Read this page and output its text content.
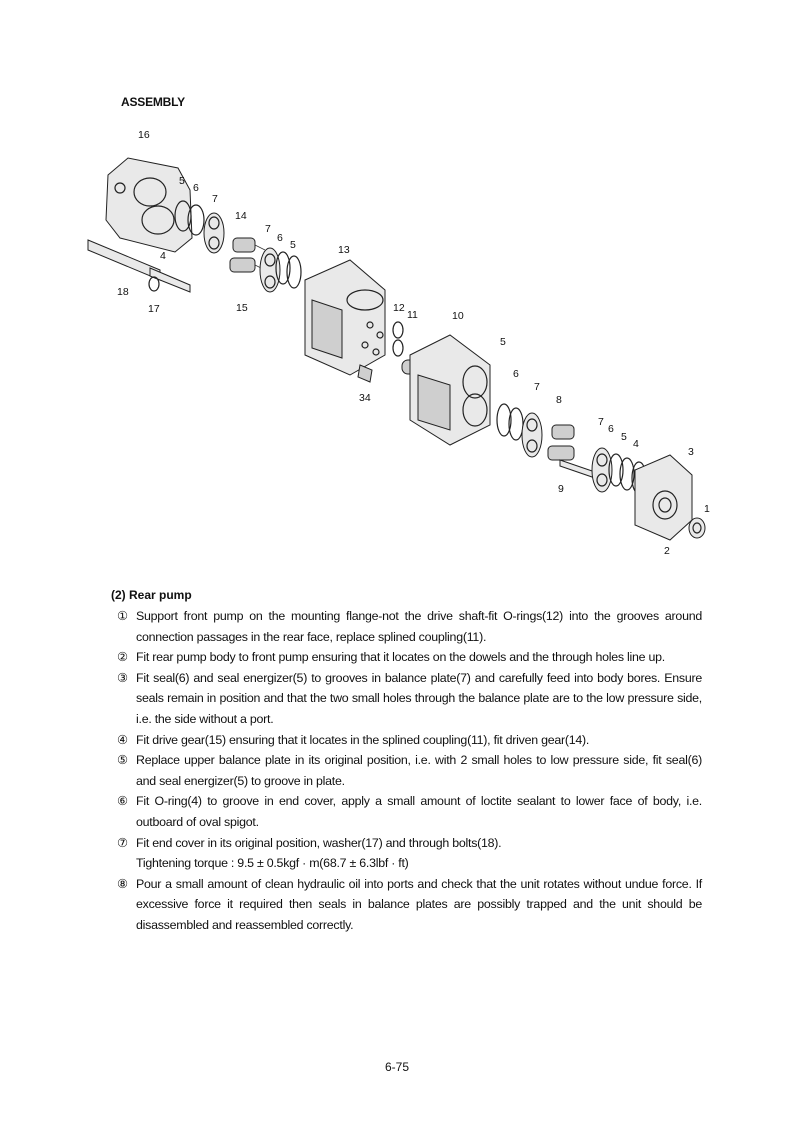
ASSEMBLY
16
5
6
7
4
14
7
6
5	13
18
17	15	12
11	10
34
5
6
7
8
7
6
5
4
3
9
1
2
(2) Rear pump
① Support front pump on the mounting flange-not the drive shaft-fit O-rings(12) into the grooves around connection passages in the rear face, replace splined coupling(11).
② Fit rear pump body to front pump ensuring that it locates on the dowels and the through holes line up.
③ Fit seal(6) and seal energizer(5) to grooves in balance plate(7) and carefully feed into body bores. Ensure seals remain in position and that the two small holes through the balance plate are to the low pressure side, i.e. the side without a port.
④ Fit drive gear(15) ensuring that it locates in the splined coupling(11), fit driven gear(14).
⑤ Replace upper balance plate in its original position, i.e. with 2 small holes to low pressure side, fit seal(6) and seal energizer(5) to groove in plate.
⑥ Fit O-ring(4) to groove in end cover, apply a small amount of loctite sealant to lower face of body, i.e. outboard of oval spigot.
⑦ Fit end cover in its original position, washer(17) and through bolts(18).
Tightening torque : 9.5 ± 0.5kgf · m(68.7 ± 6.3lbf · ft)
⑧ Pour a small amount of clean hydraulic oil into ports and check that the unit rotates without undue force. If excessive force it required then seals in balance plates are possibly trapped and the unit should be disassembled and reassembled correctly.
6-75
